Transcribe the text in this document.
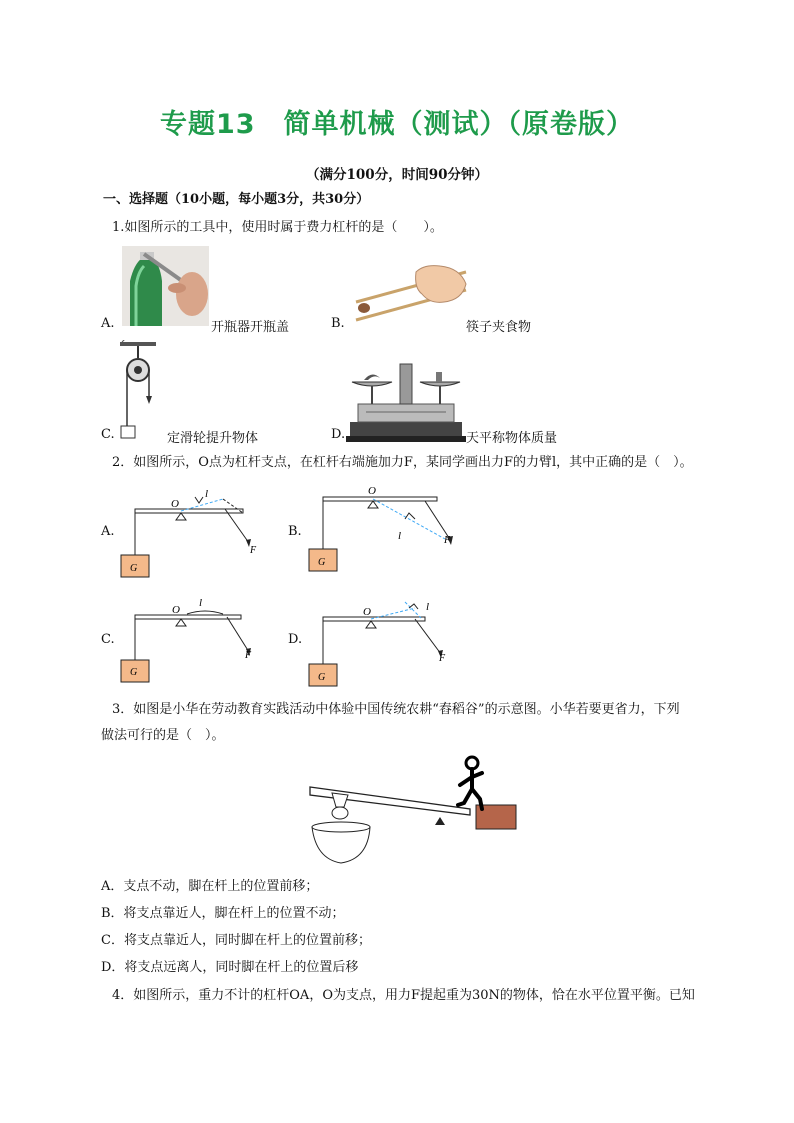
专题13　简单机械（测试）（原卷版）
（满分100分，时间90分钟）
一、选择题（10小题，每小题3分，共30分）
1.如图所示的工具中，使用时属于费力杠杆的是（　　）。
A.	开瓶器开瓶盖	B.	筷子夹食物
C.	定滑轮提升物体	D.	天平称物体质量
2．如图所示，O点为杠杆支点，在杠杆右端施加力F，某同学画出力F的力臂l，其中正确的是（　）。
A.
O
l
F
G
B.
O
l	F
G
C.
O
l
F
G
D.
O	l
F
G
3．如图是小华在劳动教育实践活动中体验中国传统农耕“舂稻谷”的示意图。小华若要更省力，下列
做法可行的是（　）。
A．支点不动，脚在杆上的位置前移；
B．将支点靠近人，脚在杆上的位置不动；
C．将支点靠近人，同时脚在杆上的位置前移；
D．将支点远离人，同时脚在杆上的位置后移
4．如图所示，重力不计的杠杆OA，O为支点，用力F提起重为30N的物体，恰在水平位置平衡。已知
